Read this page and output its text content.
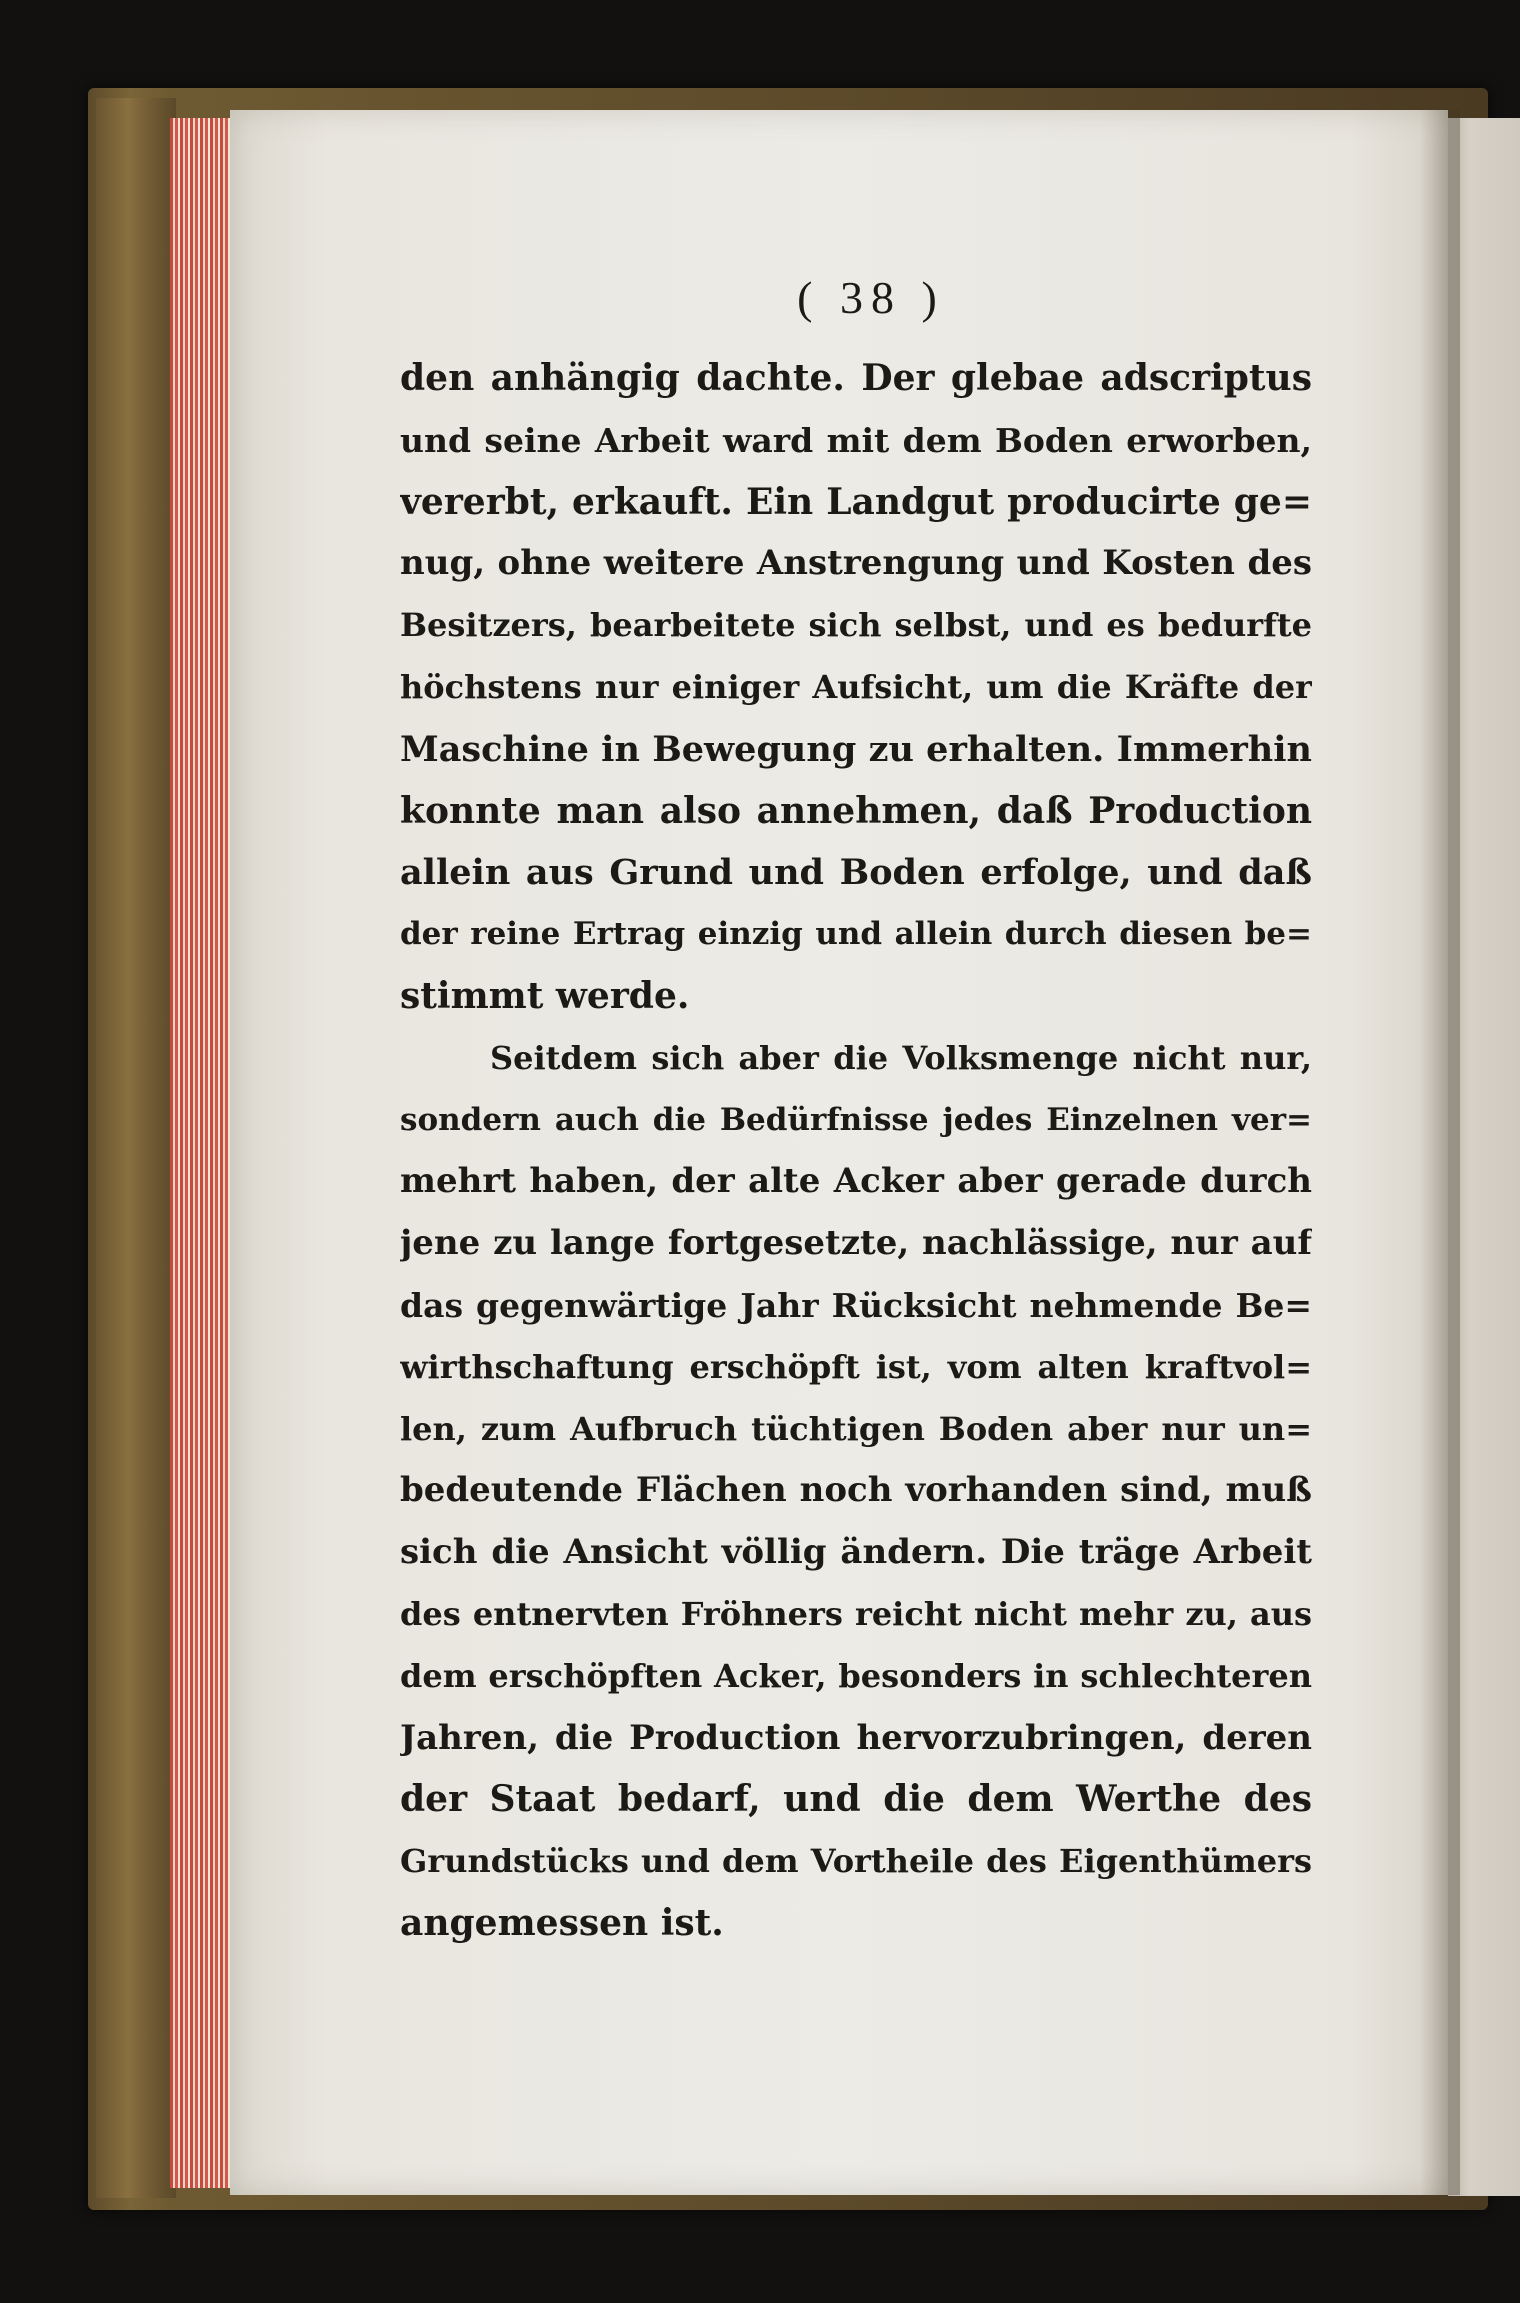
( 38 )
den anhängig dachte. Der glebae adscriptus
und seine Arbeit ward mit dem Boden erworben,
vererbt, erkauft. Ein Landgut producirte ge=
nug, ohne weitere Anstrengung und Kosten des
Besitzers, bearbeitete sich selbst, und es bedurfte
höchstens nur einiger Aufsicht, um die Kräfte der
Maschine in Bewegung zu erhalten. Immerhin
konnte man also annehmen, daß Production
allein aus Grund und Boden erfolge, und daß
der reine Ertrag einzig und allein durch diesen be=
stimmt werde.
Seitdem sich aber die Volksmenge nicht nur,
sondern auch die Bedürfnisse jedes Einzelnen ver=
mehrt haben, der alte Acker aber gerade durch
jene zu lange fortgesetzte, nachlässige, nur auf
das gegenwärtige Jahr Rücksicht nehmende Be=
wirthschaftung erschöpft ist, vom alten kraftvol=
len, zum Aufbruch tüchtigen Boden aber nur un=
bedeutende Flächen noch vorhanden sind, muß
sich die Ansicht völlig ändern. Die träge Arbeit
des entnervten Fröhners reicht nicht mehr zu, aus
dem erschöpften Acker, besonders in schlechteren
Jahren, die Production hervorzubringen, deren
der Staat bedarf, und die dem Werthe des
Grundstücks und dem Vortheile des Eigenthümers
angemessen ist.
